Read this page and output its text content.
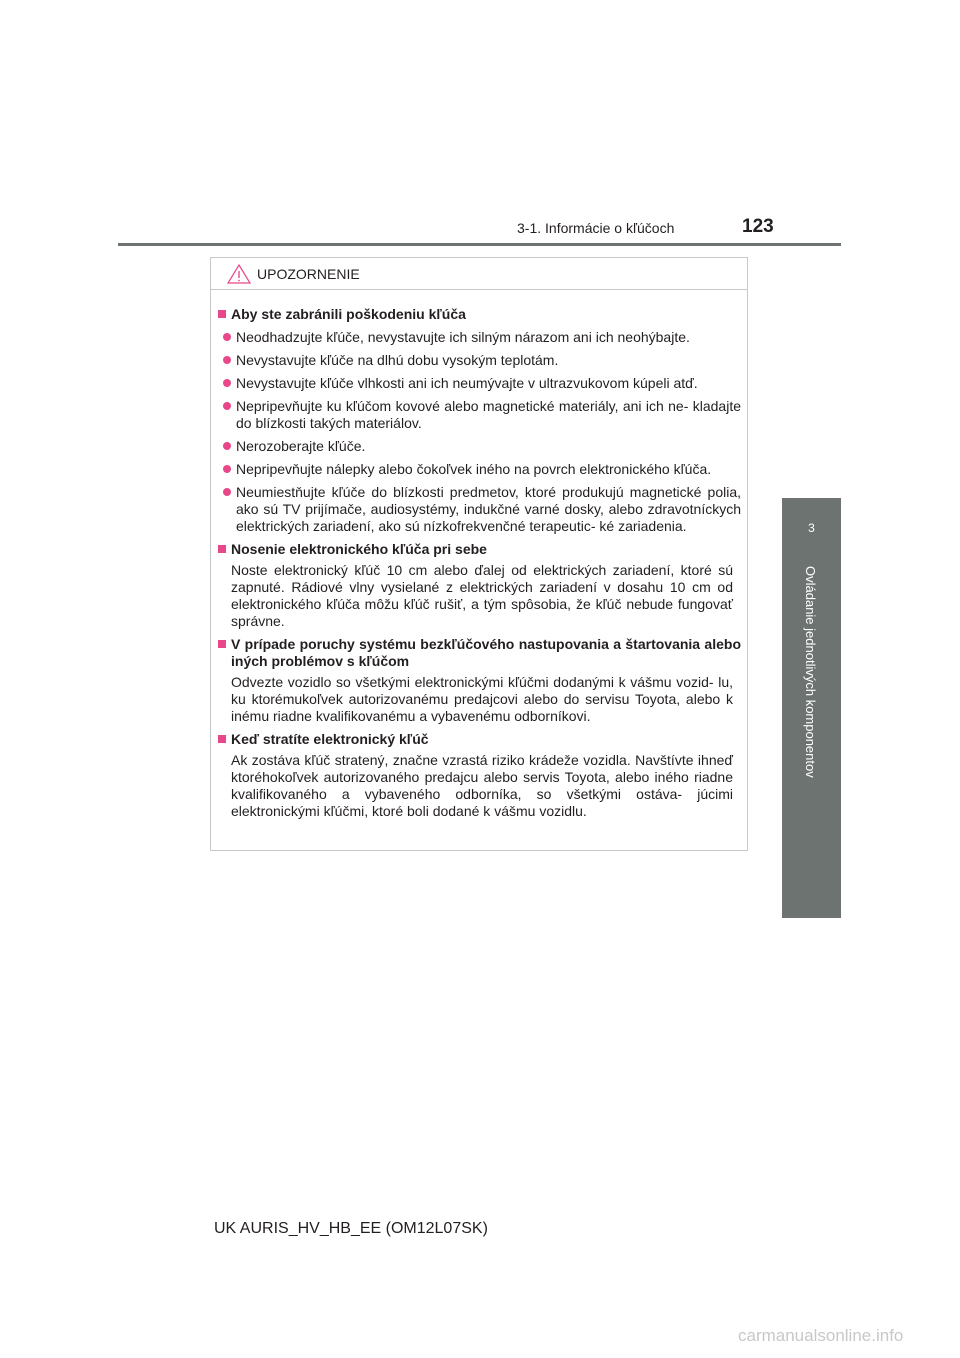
3-1. Informácie o kľúčoch	123
3
Ovládanie jednotlivých komponentov
UPOZORNENIE
Aby ste zabránili poškodeniu kľúča
Neodhadzujte kľúče, nevystavujte ich silným nárazom ani ich neohýbajte.
Nevystavujte kľúče na dlhú dobu vysokým teplotám.
Nevystavujte kľúče vlhkosti ani ich neumývajte v ultrazvukovom kúpeli atď.
Nepripevňujte ku kľúčom kovové alebo magnetické materiály, ani ich ne- kladajte do blízkosti takých materiálov.
Nerozoberajte kľúče.
Nepripevňujte nálepky alebo čokoľvek iného na povrch elektronického kľúča.
Neumiestňujte kľúče do blízkosti predmetov, ktoré produkujú magnetické polia, ako sú TV prijímače, audiosystémy, indukčné varné dosky, alebo zdravotníckych elektrických zariadení, ako sú nízkofrekvenčné terapeutic- ké zariadenia.
Nosenie elektronického kľúča pri sebe
Noste elektronický kľúč 10 cm alebo ďalej od elektrických zariadení, ktoré sú zapnuté. Rádiové vlny vysielané z elektrických zariadení v dosahu 10 cm od elektronického kľúča môžu kľúč rušiť, a tým spôsobia, že kľúč nebude fungovať správne.
V prípade poruchy systému bezkľúčového nastupovania a štartovania alebo iných problémov s kľúčom
Odvezte vozidlo so všetkými elektronickými kľúčmi dodanými k vášmu vozid- lu, ku ktorémukoľvek autorizovanému predajcovi alebo do servisu Toyota, alebo k inému riadne kvalifikovanému a vybavenému odborníkovi.
Keď stratíte elektronický kľúč
Ak zostáva kľúč stratený, značne vzrastá riziko krádeže vozidla. Navštívte ihneď ktoréhokoľvek autorizovaného predajcu alebo servis Toyota, alebo iného riadne kvalifikovaného a vybaveného odborníka, so všetkými ostáva- júcimi elektronickými kľúčmi, ktoré boli dodané k vášmu vozidlu.
UK AURIS_HV_HB_EE (OM12L07SK)
carmanualsonline.info
